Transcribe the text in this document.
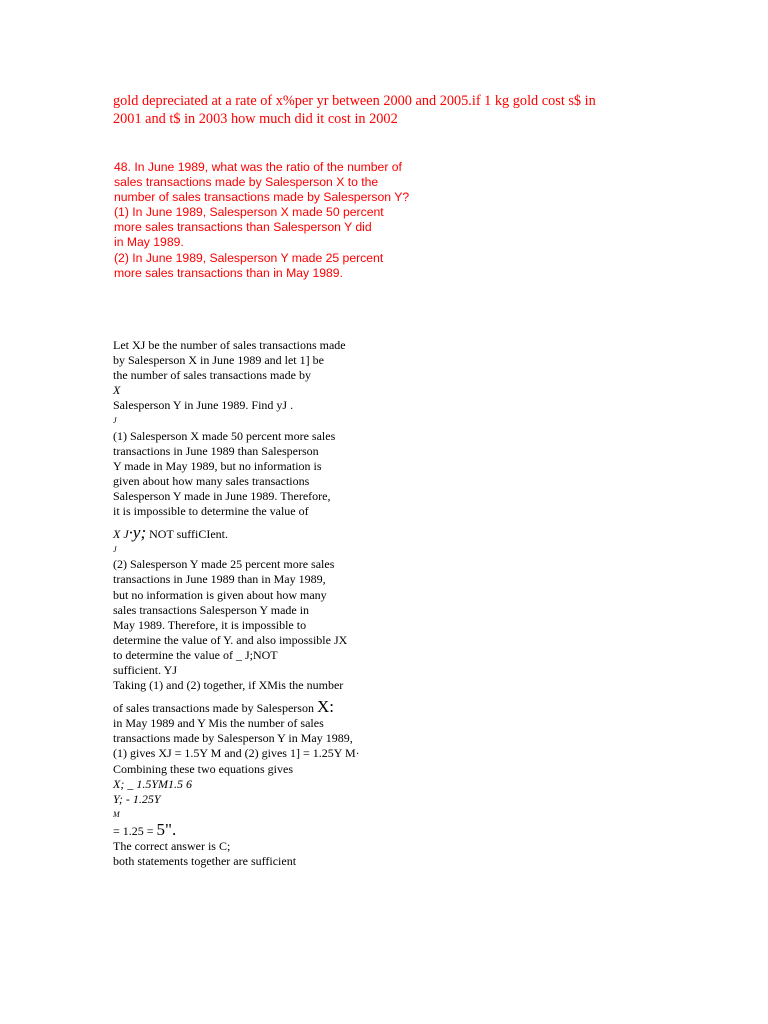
gold depreciated at a rate of x%per yr between 2000 and 2005.if 1 kg gold cost s$ in
2001 and t$ in 2003 how much did it cost in 2002
48. In June 1989, what was the ratio of the number of
sales transactions made by Salesperson X to the
number of sales transactions made by Salesperson Y?
(1) In June 1989, Salesperson X made 50 percent
more sales transactions than Salesperson Y did
in May 1989.
(2) In June 1989, Salesperson Y made 25 percent
more sales transactions than in May 1989.
Let XJ be the number of sales transactions made
by Salesperson X in June 1989 and let 1] be
the number of sales transactions made by
X
Salesperson Y in June 1989. Find yJ .
J
(1) Salesperson X made 50 percent more sales
transactions in June 1989 than Salesperson
Y made in May 1989, but no information is
given about how many sales transactions
Salesperson Y made in June 1989. Therefore,
it is impossible to determine the value of
X J·y; NOT suffiCIent.
J
(2) Salesperson Y made 25 percent more sales
transactions in June 1989 than in May 1989,
but no information is given about how many
sales transactions Salesperson Y made in
May 1989. Therefore, it is impossible to
determine the value of Y. and also impossible JX
to determine the value of _ J;NOT
sufficient. YJ
Taking (1) and (2) together, if XMis the number
of sales transactions made by Salesperson X:
in May 1989 and Y Mis the number of sales
transactions made by Salesperson Y in May 1989,
(1) gives XJ = 1.5Y M and (2) gives 1] = 1.25Y M·
Combining these two equations gives
X; _ 1.5YM1.5 6
Y; - 1.25Y
M
= 1.25 = 5".
The correct answer is C;
both statements together are sufficient
